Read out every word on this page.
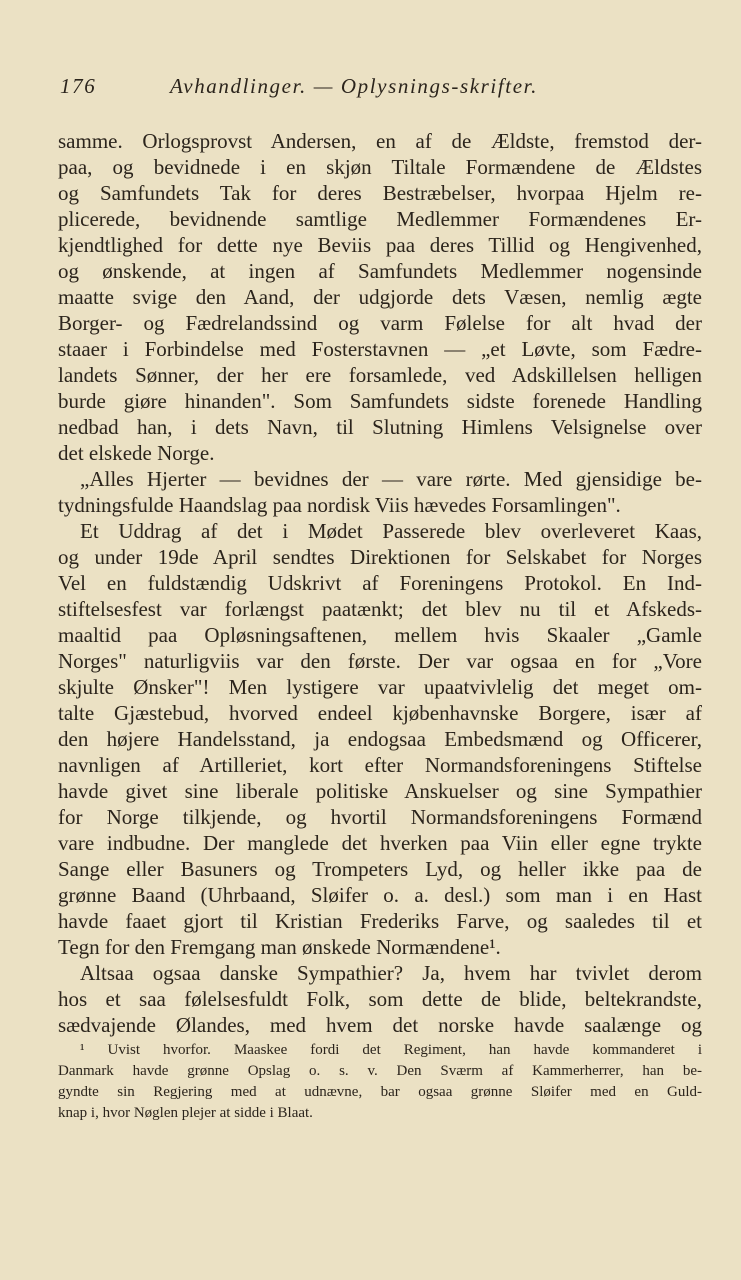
176	Avhandlinger. — Oplysnings-skrifter.
samme. Orlogsprovst Andersen, en af de Ældste, fremstod der-
paa, og bevidnede i en skjøn Tiltale Formændene de Ældstes
og Samfundets Tak for deres Bestræbelser, hvorpaa Hjelm re-
plicerede, bevidnende samtlige Medlemmer Formændenes Er-
kjendtlighed for dette nye Beviis paa deres Tillid og Hengivenhed,
og ønskende, at ingen af Samfundets Medlemmer nogensinde
maatte svige den Aand, der udgjorde dets Væsen, nemlig ægte
Borger- og Fædrelandssind og varm Følelse for alt hvad der
staaer i Forbindelse med Fosterstavnen — „et Løvte, som Fædre-
landets Sønner, der her ere forsamlede, ved Adskillelsen helligen
burde giøre hinanden". Som Samfundets sidste forenede Handling
nedbad han, i dets Navn, til Slutning Himlens Velsignelse over
det elskede Norge.
„Alles Hjerter — bevidnes der — vare rørte. Med gjensidige be-
tydningsfulde Haandslag paa nordisk Viis hævedes Forsamlingen".
Et Uddrag af det i Mødet Passerede blev overleveret Kaas,
og under 19de April sendtes Direktionen for Selskabet for Norges
Vel en fuldstændig Udskrivt af Foreningens Protokol. En Ind-
stiftelsesfest var forlængst paatænkt; det blev nu til et Afskeds-
maaltid paa Opløsningsaftenen, mellem hvis Skaaler „Gamle
Norges" naturligviis var den første. Der var ogsaa en for „Vore
skjulte Ønsker"! Men lystigere var upaatvivlelig det meget om-
talte Gjæstebud, hvorved endeel kjøbenhavnske Borgere, især af
den højere Handelsstand, ja endogsaa Embedsmænd og Officerer,
navnligen af Artilleriet, kort efter Normandsforeningens Stiftelse
havde givet sine liberale politiske Anskuelser og sine Sympathier
for Norge tilkjende, og hvortil Normandsforeningens Formænd
vare indbudne. Der manglede det hverken paa Viin eller egne trykte
Sange eller Basuners og Trompeters Lyd, og heller ikke paa de
grønne Baand (Uhrbaand, Sløifer o. a. desl.) som man i en Hast
havde faaet gjort til Kristian Frederiks Farve, og saaledes til et
Tegn for den Fremgang man ønskede Normændene¹.
Altsaa ogsaa danske Sympathier? Ja, hvem har tvivlet derom
hos et saa følelsesfuldt Folk, som dette de blide, beltekrandste,
sædvajende Ølandes, med hvem det norske havde saalænge og
¹ Uvist hvorfor. Maaskee fordi det Regiment, han havde kommanderet i
Danmark havde grønne Opslag o. s. v. Den Sværm af Kammerherrer, han be-
gyndte sin Regjering med at udnævne, bar ogsaa grønne Sløifer med en Guld-
knap i, hvor Nøglen plejer at sidde i Blaat.
